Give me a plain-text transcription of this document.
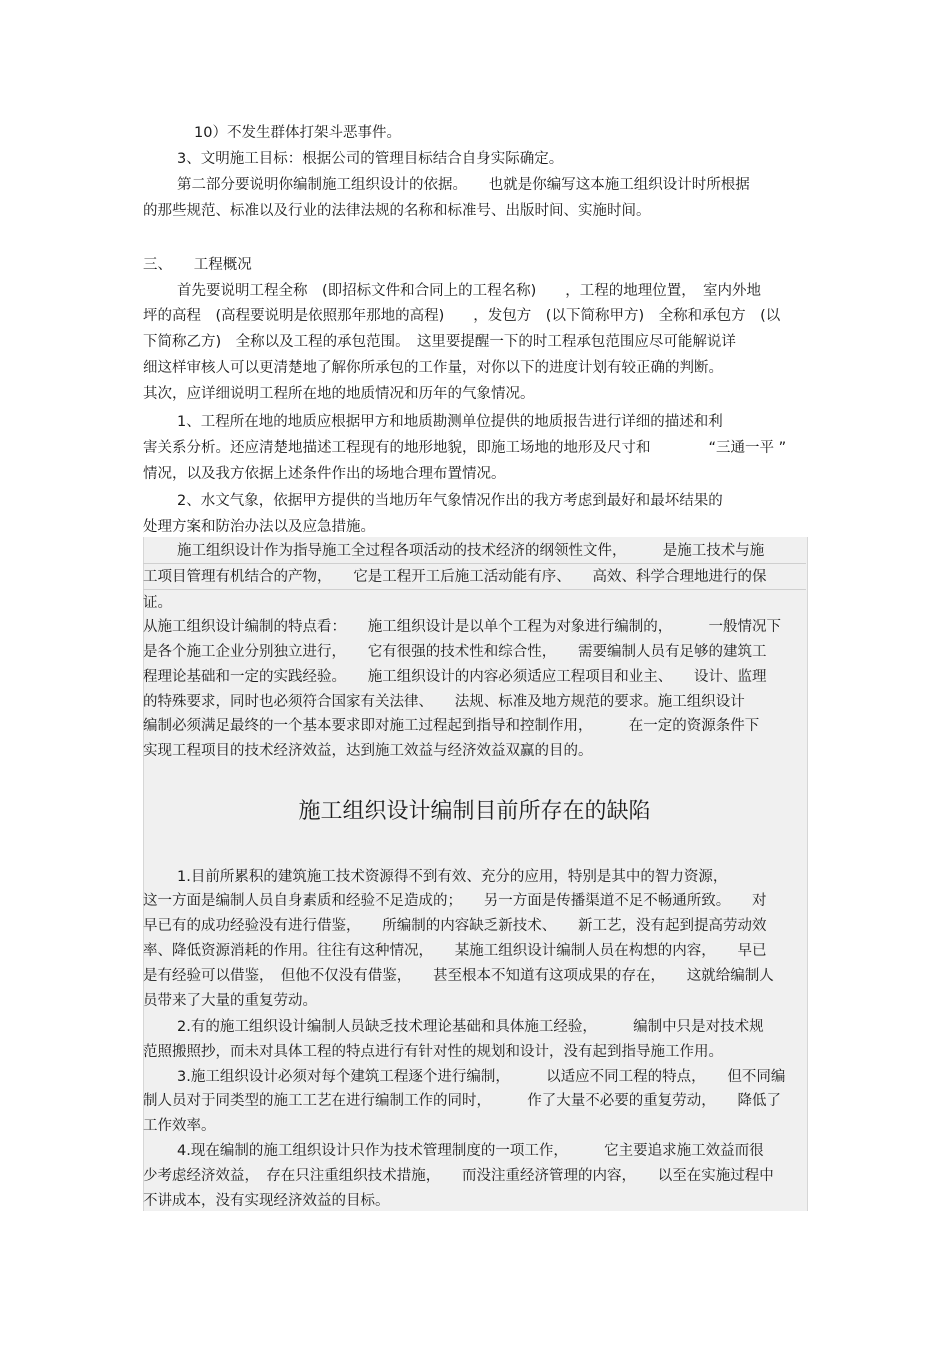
10）不发生群体打架斗恶事件。
3、文明施工目标：根据公司的管理目标结合自身实际确定。
第二部分要说明你编制施工组织设计的依据。　　也就是你编写这本施工组织设计时所根据
的那些规范、标准以及行业的法律法规的名称和标准号、出版时间、实施时间。
三、　　工程概况
首先要说明工程全称　(即招标文件和合同上的工程名称)　　，工程的地理位置，　室内外地
坪的高程　(高程要说明是依照那年那地的高程)　　，发包方　(以下简称甲方)　全称和承包方　(以
下简称乙方)　全称以及工程的承包范围。　这里要提醒一下的时工程承包范围应尽可能解说详
细这样审核人可以更清楚地了解你所承包的工作量，对你以下的进度计划有较正确的判断。
其次，应详细说明工程所在地的地质情况和历年的气象情况。
1、工程所在地的地质应根据甲方和地质勘测单位提供的地质报告进行详细的描述和利
害关系分析。还应清楚地描述工程现有的地形地貌，即施工场地的地形及尺寸和　　　　“三通一平 ”
情况，以及我方依据上述条件作出的场地合理布置情况。
2、水文气象，依据甲方提供的当地历年气象情况作出的我方考虑到最好和最坏结果的
处理方案和防治办法以及应急措施。
施工组织设计作为指导施工全过程各项活动的技术经济的纲领性文件，　　　是施工技术与施
工项目管理有机结合的产物，　　它是工程开工后施工活动能有序、　　高效、科学合理地进行的保
证。
从施工组织设计编制的特点看：　　施工组织设计是以单个工程为对象进行编制的，　　　一般情况下
是各个施工企业分别独立进行，　　它有很强的技术性和综合性，　　需要编制人员有足够的建筑工
程理论基础和一定的实践经验。　　施工组织设计的内容必须适应工程项目和业主、　　设计、监理
的特殊要求，同时也必须符合国家有关法律、　　法规、标准及地方规范的要求。施工组织设计
编制必须满足最终的一个基本要求即对施工过程起到指导和控制作用，　　　在一定的资源条件下
实现工程项目的技术经济效益，达到施工效益与经济效益双赢的目的。
施工组织设计编制目前所存在的缺陷
1.目前所累积的建筑施工技术资源得不到有效、充分的应用，特别是其中的智力资源，
这一方面是编制人员自身素质和经验不足造成的；　　另一方面是传播渠道不足不畅通所致。　　对
早已有的成功经验没有进行借鉴，　　所编制的内容缺乏新技术、　　新工艺，没有起到提高劳动效
率、降低资源消耗的作用。往往有这种情况，　　某施工组织设计编制人员在构想的内容，　　早已
是有经验可以借鉴，　但他不仅没有借鉴，　　甚至根本不知道有这项成果的存在，　　这就给编制人
员带来了大量的重复劳动。
2.有的施工组织设计编制人员缺乏技术理论基础和具体施工经验，　　　编制中只是对技术规
范照搬照抄，而未对具体工程的特点进行有针对性的规划和设计，没有起到指导施工作用。
3.施工组织设计必须对每个建筑工程逐个进行编制，　　　以适应不同工程的特点，　　但不同编
制人员对于同类型的施工工艺在进行编制工作的同时，　　　作了大量不必要的重复劳动，　　降低了
工作效率。
4.现在编制的施工组织设计只作为技术管理制度的一项工作，　　　它主要追求施工效益而很
少考虑经济效益，　存在只注重组织技术措施，　　而没注重经济管理的内容，　　以至在实施过程中
不讲成本，没有实现经济效益的目标。
